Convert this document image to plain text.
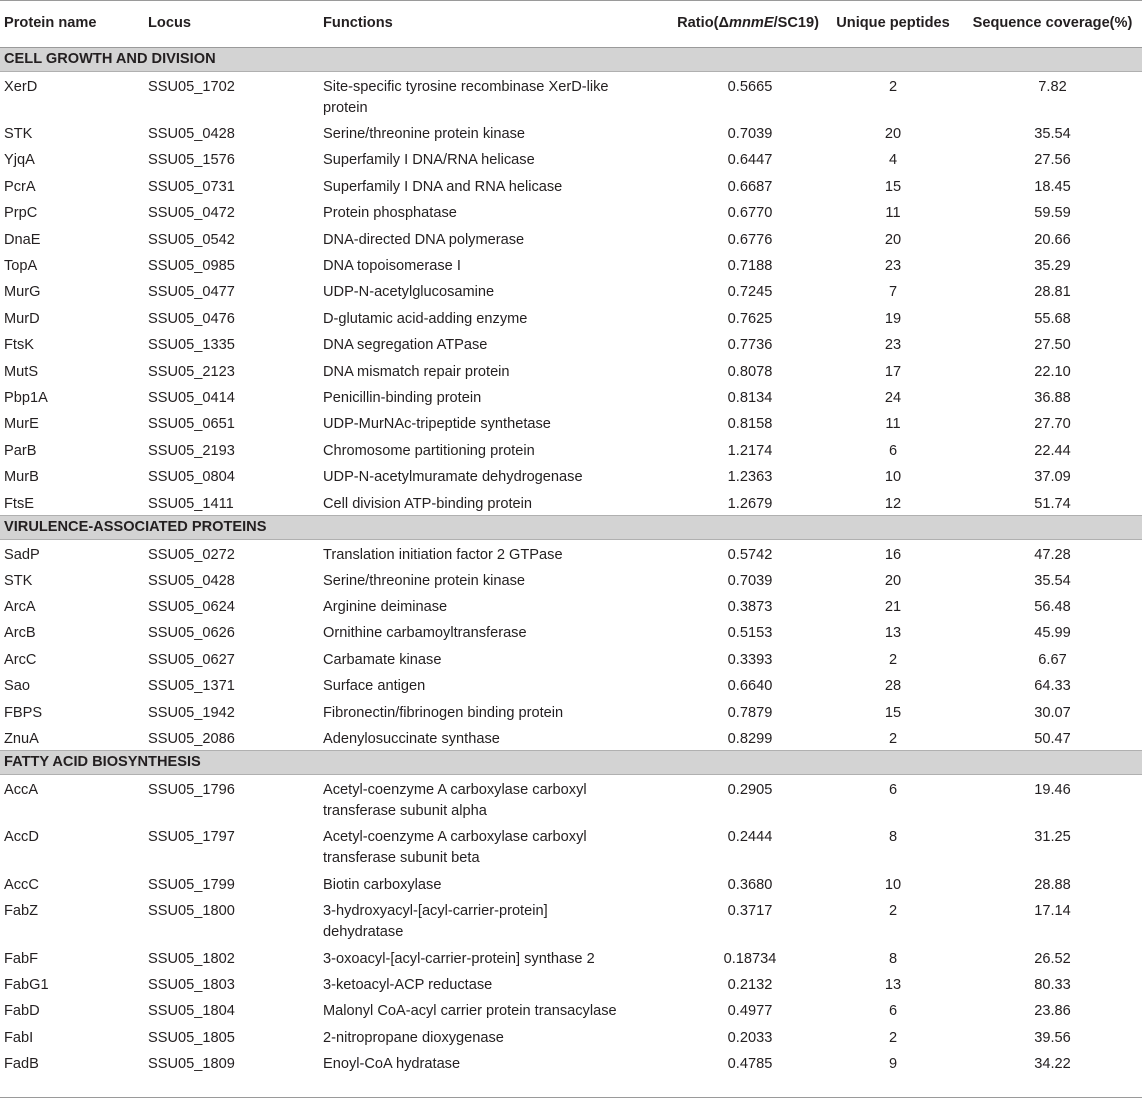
Protein name	Locus	Functions	Ratio(ΔmnmE/SC19)	Unique peptides	Sequence coverage(%)
CELL GROWTH AND DIVISION					
XerD	SSU05_1702	Site-specific tyrosine recombinase XerD-like protein	0.5665	2	7.82
STK	SSU05_0428	Serine/threonine protein kinase	0.7039	20	35.54
YjqA	SSU05_1576	Superfamily I DNA/RNA helicase	0.6447	4	27.56
PcrA	SSU05_0731	Superfamily I DNA and RNA helicase	0.6687	15	18.45
PrpC	SSU05_0472	Protein phosphatase	0.6770	11	59.59
DnaE	SSU05_0542	DNA-directed DNA polymerase	0.6776	20	20.66
TopA	SSU05_0985	DNA topoisomerase I	0.7188	23	35.29
MurG	SSU05_0477	UDP-N-acetylglucosamine	0.7245	7	28.81
MurD	SSU05_0476	D-glutamic acid-adding enzyme	0.7625	19	55.68
FtsK	SSU05_1335	DNA segregation ATPase	0.7736	23	27.50
MutS	SSU05_2123	DNA mismatch repair protein	0.8078	17	22.10
Pbp1A	SSU05_0414	Penicillin-binding protein	0.8134	24	36.88
MurE	SSU05_0651	UDP-MurNAc-tripeptide synthetase	0.8158	11	27.70
ParB	SSU05_2193	Chromosome partitioning protein	1.2174	6	22.44
MurB	SSU05_0804	UDP-N-acetylmuramate dehydrogenase	1.2363	10	37.09
FtsE	SSU05_1411	Cell division ATP-binding protein	1.2679	12	51.74
VIRULENCE-ASSOCIATED PROTEINS					
SadP	SSU05_0272	Translation initiation factor 2 GTPase	0.5742	16	47.28
STK	SSU05_0428	Serine/threonine protein kinase	0.7039	20	35.54
ArcA	SSU05_0624	Arginine deiminase	0.3873	21	56.48
ArcB	SSU05_0626	Ornithine carbamoyltransferase	0.5153	13	45.99
ArcC	SSU05_0627	Carbamate kinase	0.3393	2	6.67
Sao	SSU05_1371	Surface antigen	0.6640	28	64.33
FBPS	SSU05_1942	Fibronectin/fibrinogen binding protein	0.7879	15	30.07
ZnuA	SSU05_2086	Adenylosuccinate synthase	0.8299	2	50.47
FATTY ACID BIOSYNTHESIS					
AccA	SSU05_1796	Acetyl-coenzyme A carboxylase carboxyl transferase subunit alpha	0.2905	6	19.46
AccD	SSU05_1797	Acetyl-coenzyme A carboxylase carboxyl transferase subunit beta	0.2444	8	31.25
AccC	SSU05_1799	Biotin carboxylase	0.3680	10	28.88
FabZ	SSU05_1800	3-hydroxyacyl-[acyl-carrier-protein] dehydratase	0.3717	2	17.14
FabF	SSU05_1802	3-oxoacyl-[acyl-carrier-protein] synthase 2	0.18734	8	26.52
FabG1	SSU05_1803	3-ketoacyl-ACP reductase	0.2132	13	80.33
FabD	SSU05_1804	Malonyl CoA-acyl carrier protein transacylase	0.4977	6	23.86
FabI	SSU05_1805	2-nitropropane dioxygenase	0.2033	2	39.56
FadB	SSU05_1809	Enoyl-CoA hydratase	0.4785	9	34.22
